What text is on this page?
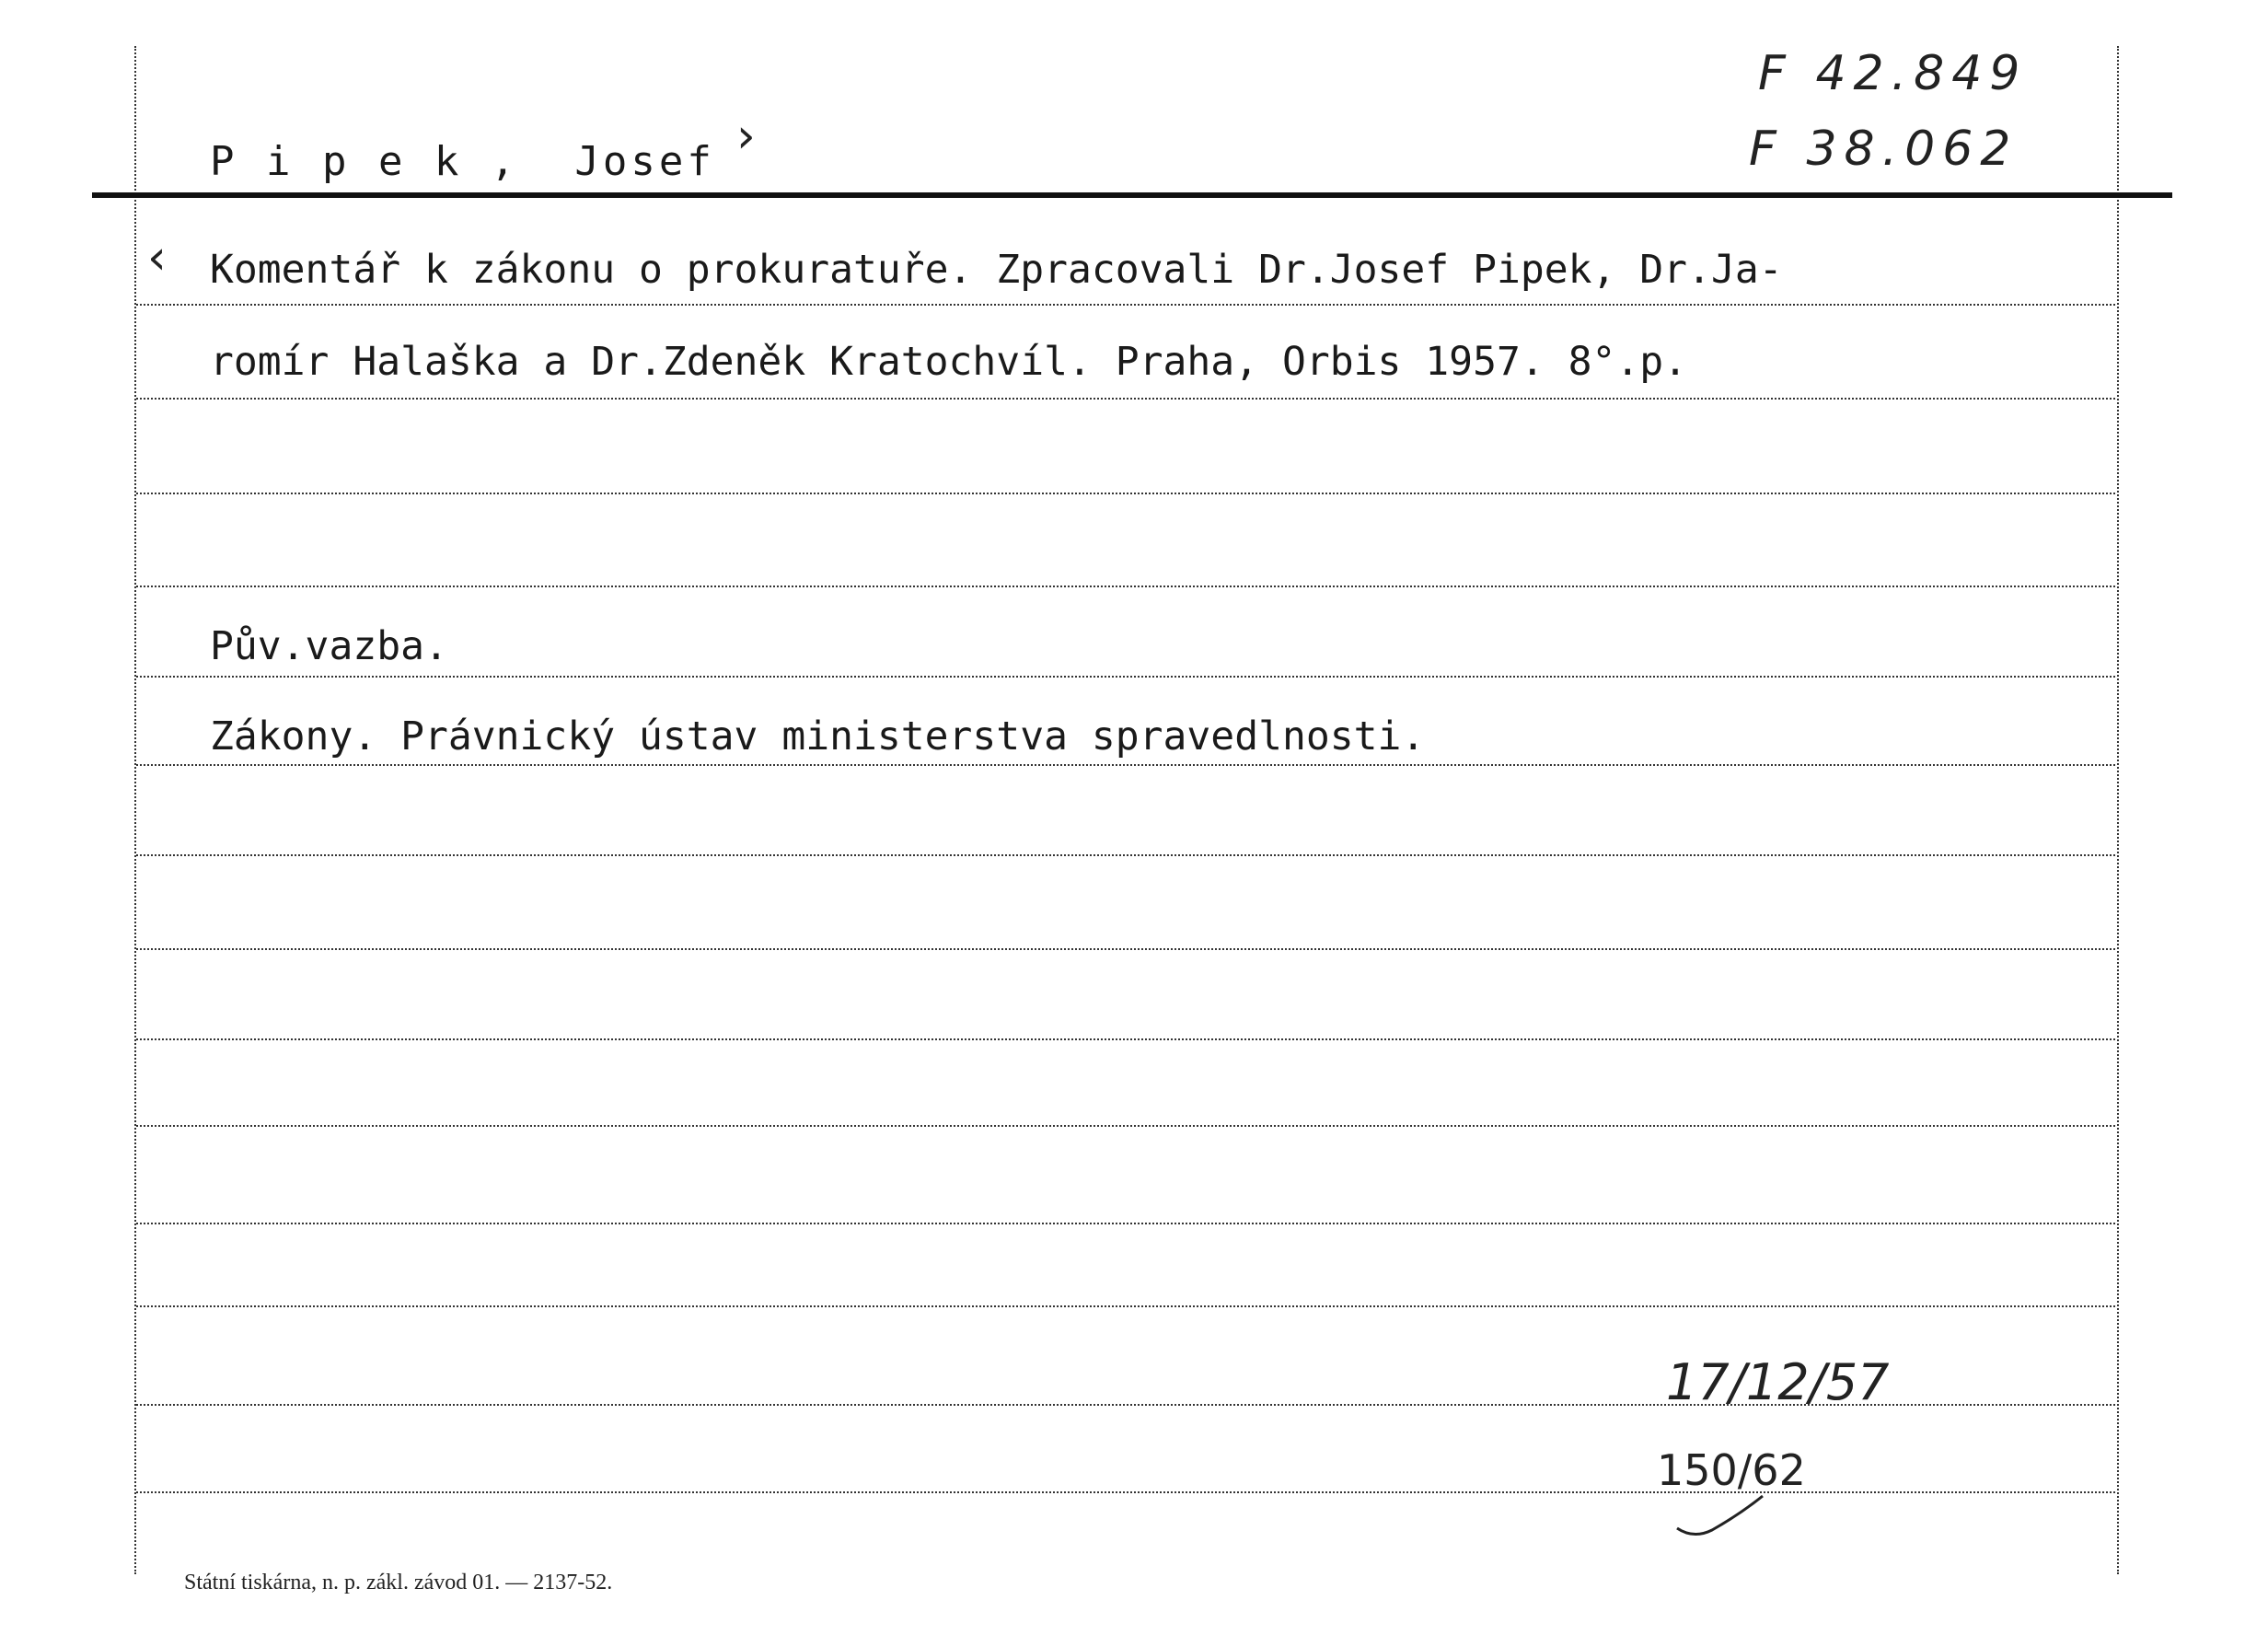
P i p e k ,  Josef ›
F 42.849
F 38.062
‹ Komentář k zákonu o prokuratuře. Zpracovali Dr.Josef Pipek, Dr.Ja-
romír Halaška a Dr.Zdeněk Kratochvíl. Praha, Orbis 1957. 8°.p.
Pův.vazba.
Zákony. Právnický ústav ministerstva spravedlnosti.
17/12/57
150/62
Státní tiskárna, n. p. zákl. závod 01. — 2137-52.
